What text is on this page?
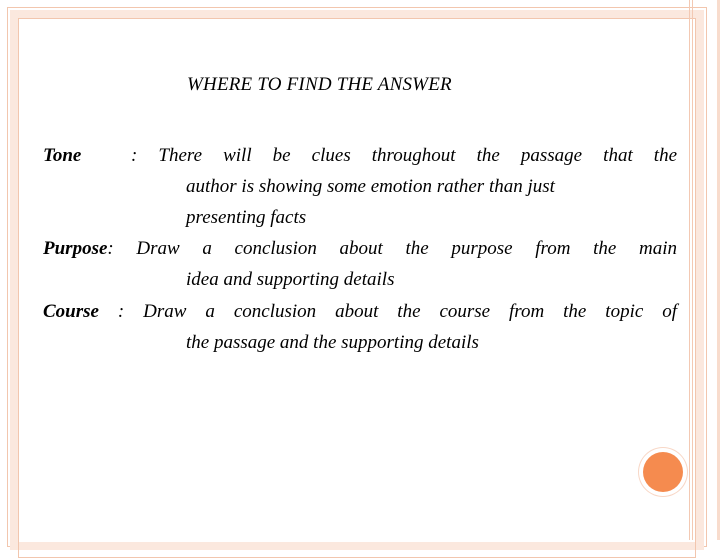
WHERE TO FIND THE ANSWER
Tone	: There will be clues throughout the passage that the
author is showing some emotion rather than just
presenting facts
Purpose: Draw a conclusion about the purpose from the main
idea and supporting details
Course : Draw a conclusion about the course from the topic of
the passage and the supporting details
